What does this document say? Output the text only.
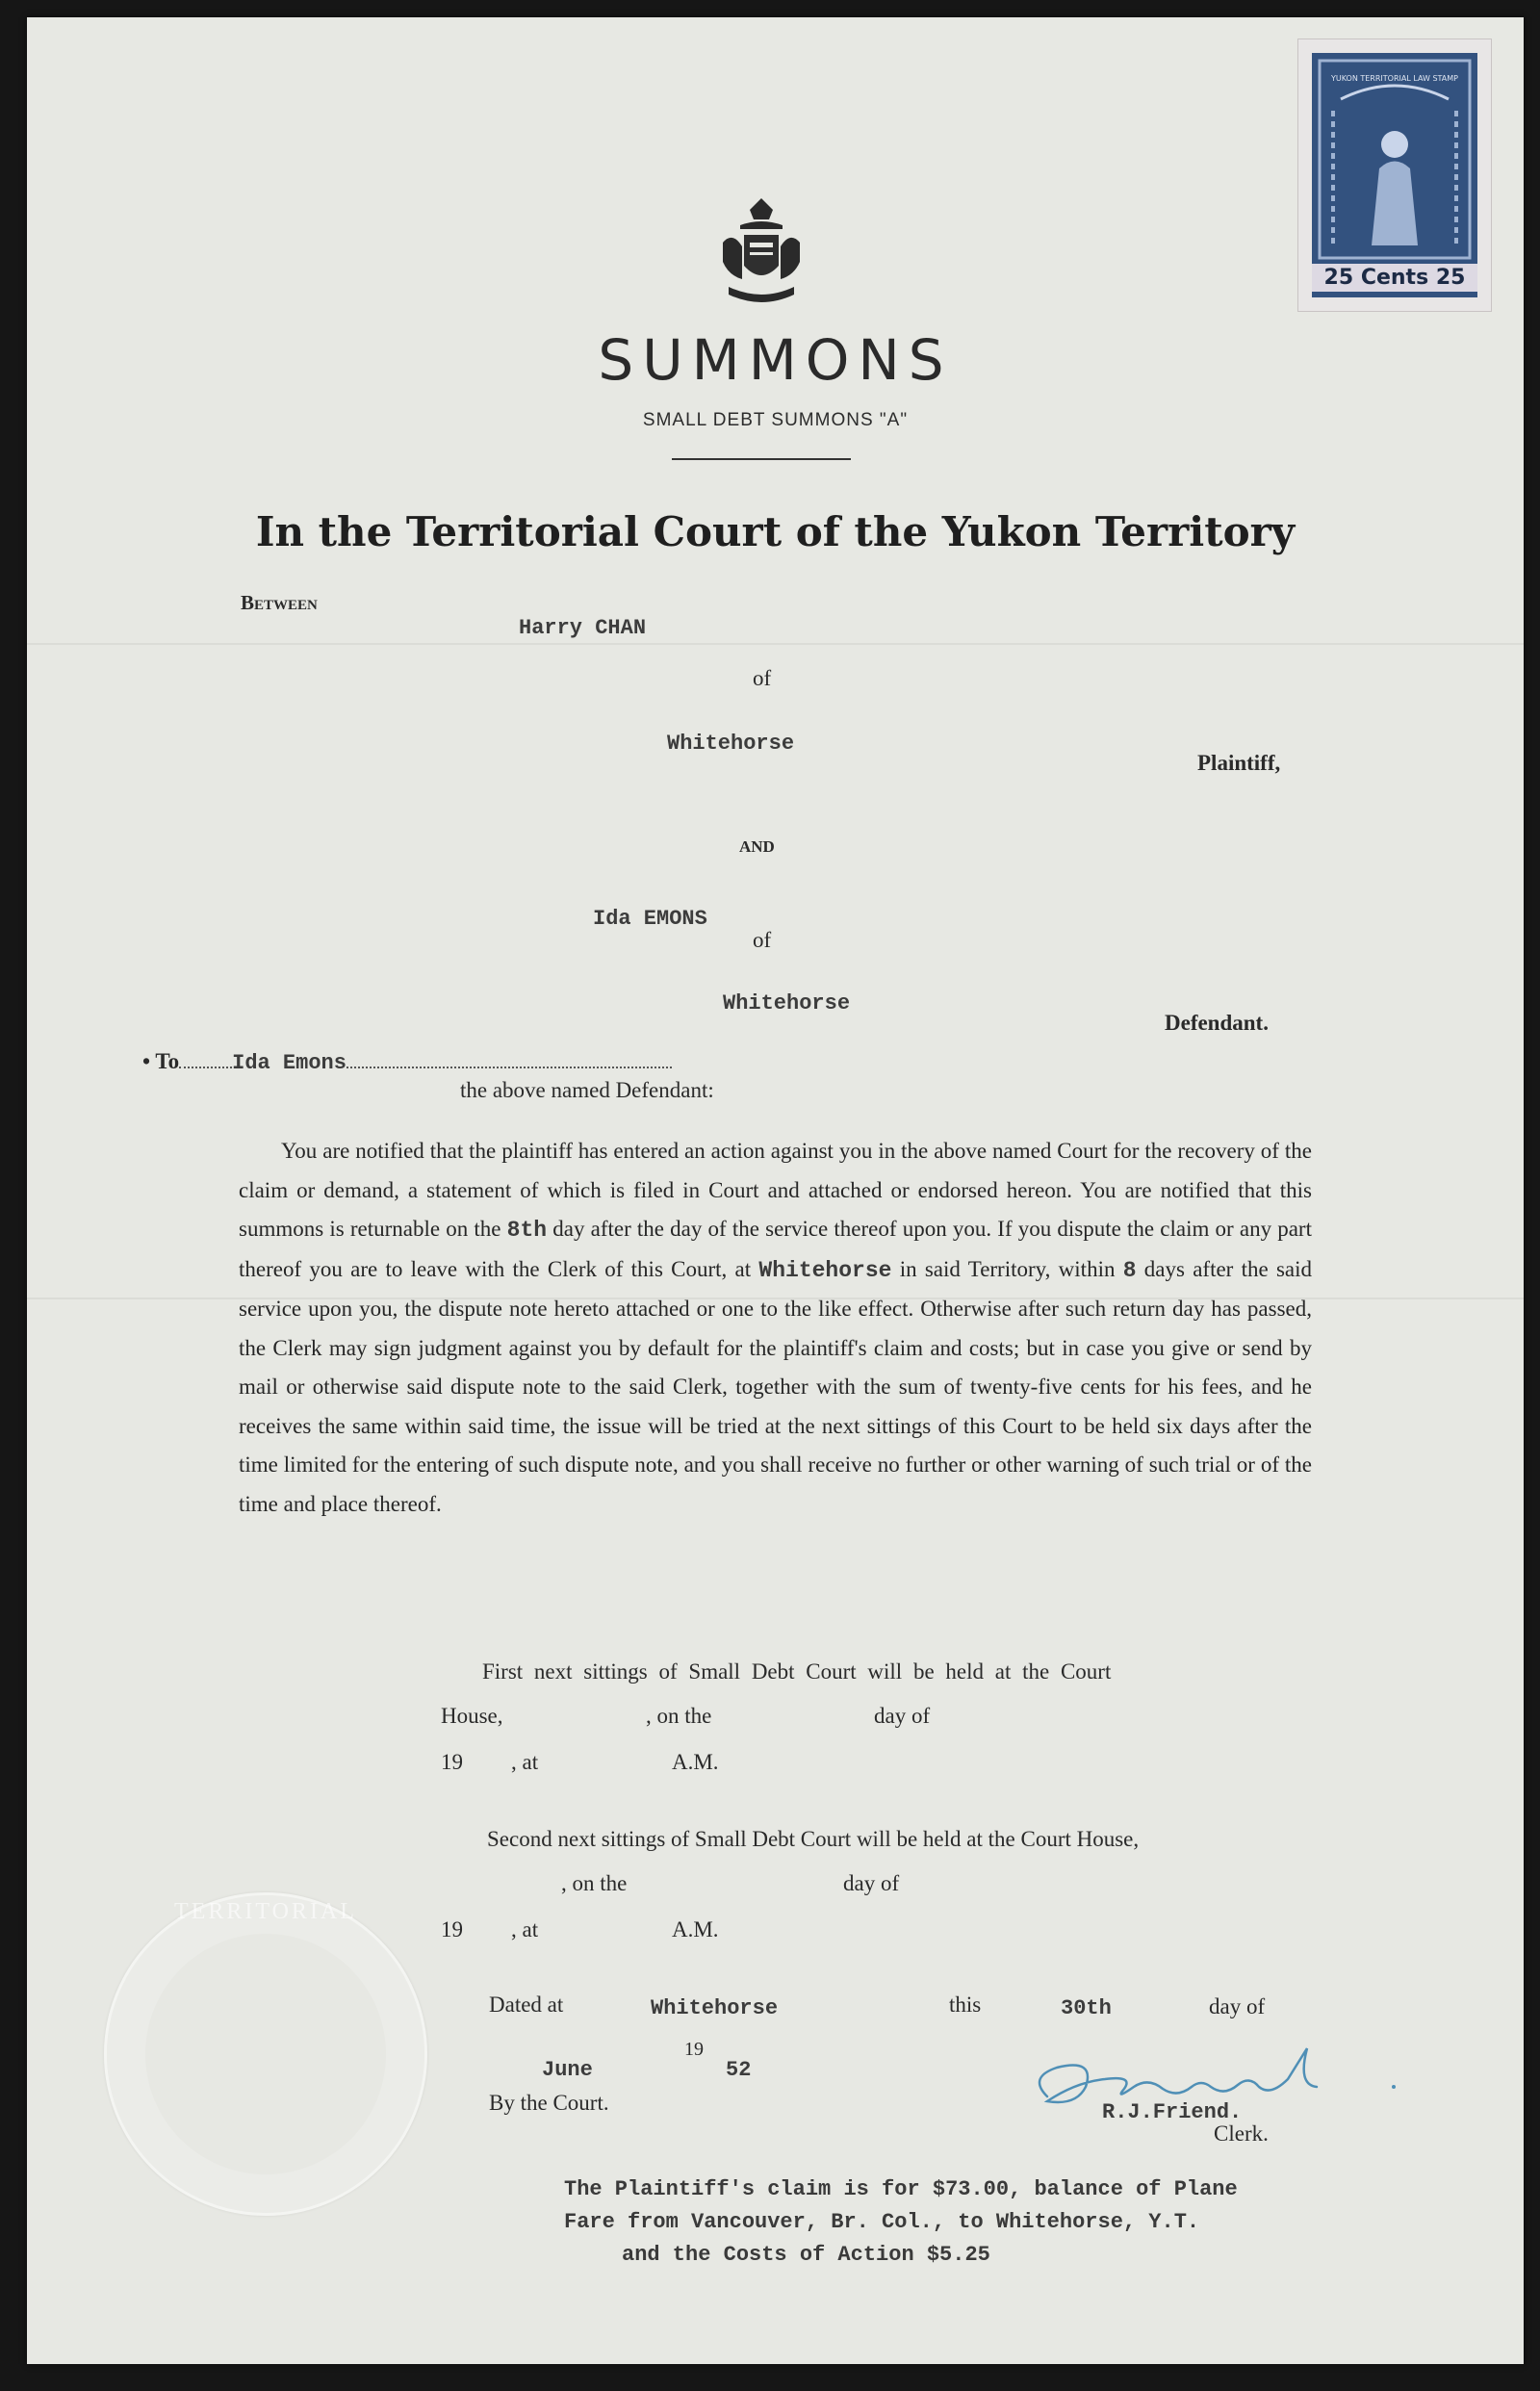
YUKON TERRITORIAL LAW STAMP
25 Cents 25
SUMMONS
SMALL DEBT SUMMONS "A"
In the Territorial Court of the Yukon Territory
Between
Harry CHAN
of
Whitehorse
Plaintiff,
AND
Ida EMONS
of
Whitehorse
Defendant.
• To	Ida Emons
the above named Defendant:
You are notified that the plaintiff has entered an action against you in the above named Court for the recovery of the claim or demand, a statement of which is filed in Court and attached or endorsed hereon. You are notified that this summons is returnable on the 8th day after the day of the service thereof upon you. If you dispute the claim or any part thereof you are to leave with the Clerk of this Court, at Whitehorse in said Territory, within 8 days after the said service upon you, the dispute note hereto attached or one to the like effect. Otherwise after such return day has passed, the Clerk may sign judgment against you by default for the plaintiff's claim and costs; but in case you give or send by mail or otherwise said dispute note to the said Clerk, together with the sum of twenty-five cents for his fees, and he receives the same within said time, the issue will be tried at the next sittings of this Court to be held six days after the time limited for the entering of such dispute note, and you shall receive no further or other warning of such trial or of the time and place thereof.
First next sittings of Small Debt Court will be held at the Court
House,	, on the	day of
19 , at	A.M.
Second next sittings of Small Debt Court will be held at the Court House,
, on the	day of
19 , at	A.M.
TERRITORIAL
Dated at	Whitehorse	this	30th	day of
June
19
52
By the Court.	R.J.Friend.
Clerk.
The Plaintiff's claim is for $73.00, balance of Plane
Fare from Vancouver, Br. Col., to Whitehorse, Y.T.
and the Costs of Action $5.25
